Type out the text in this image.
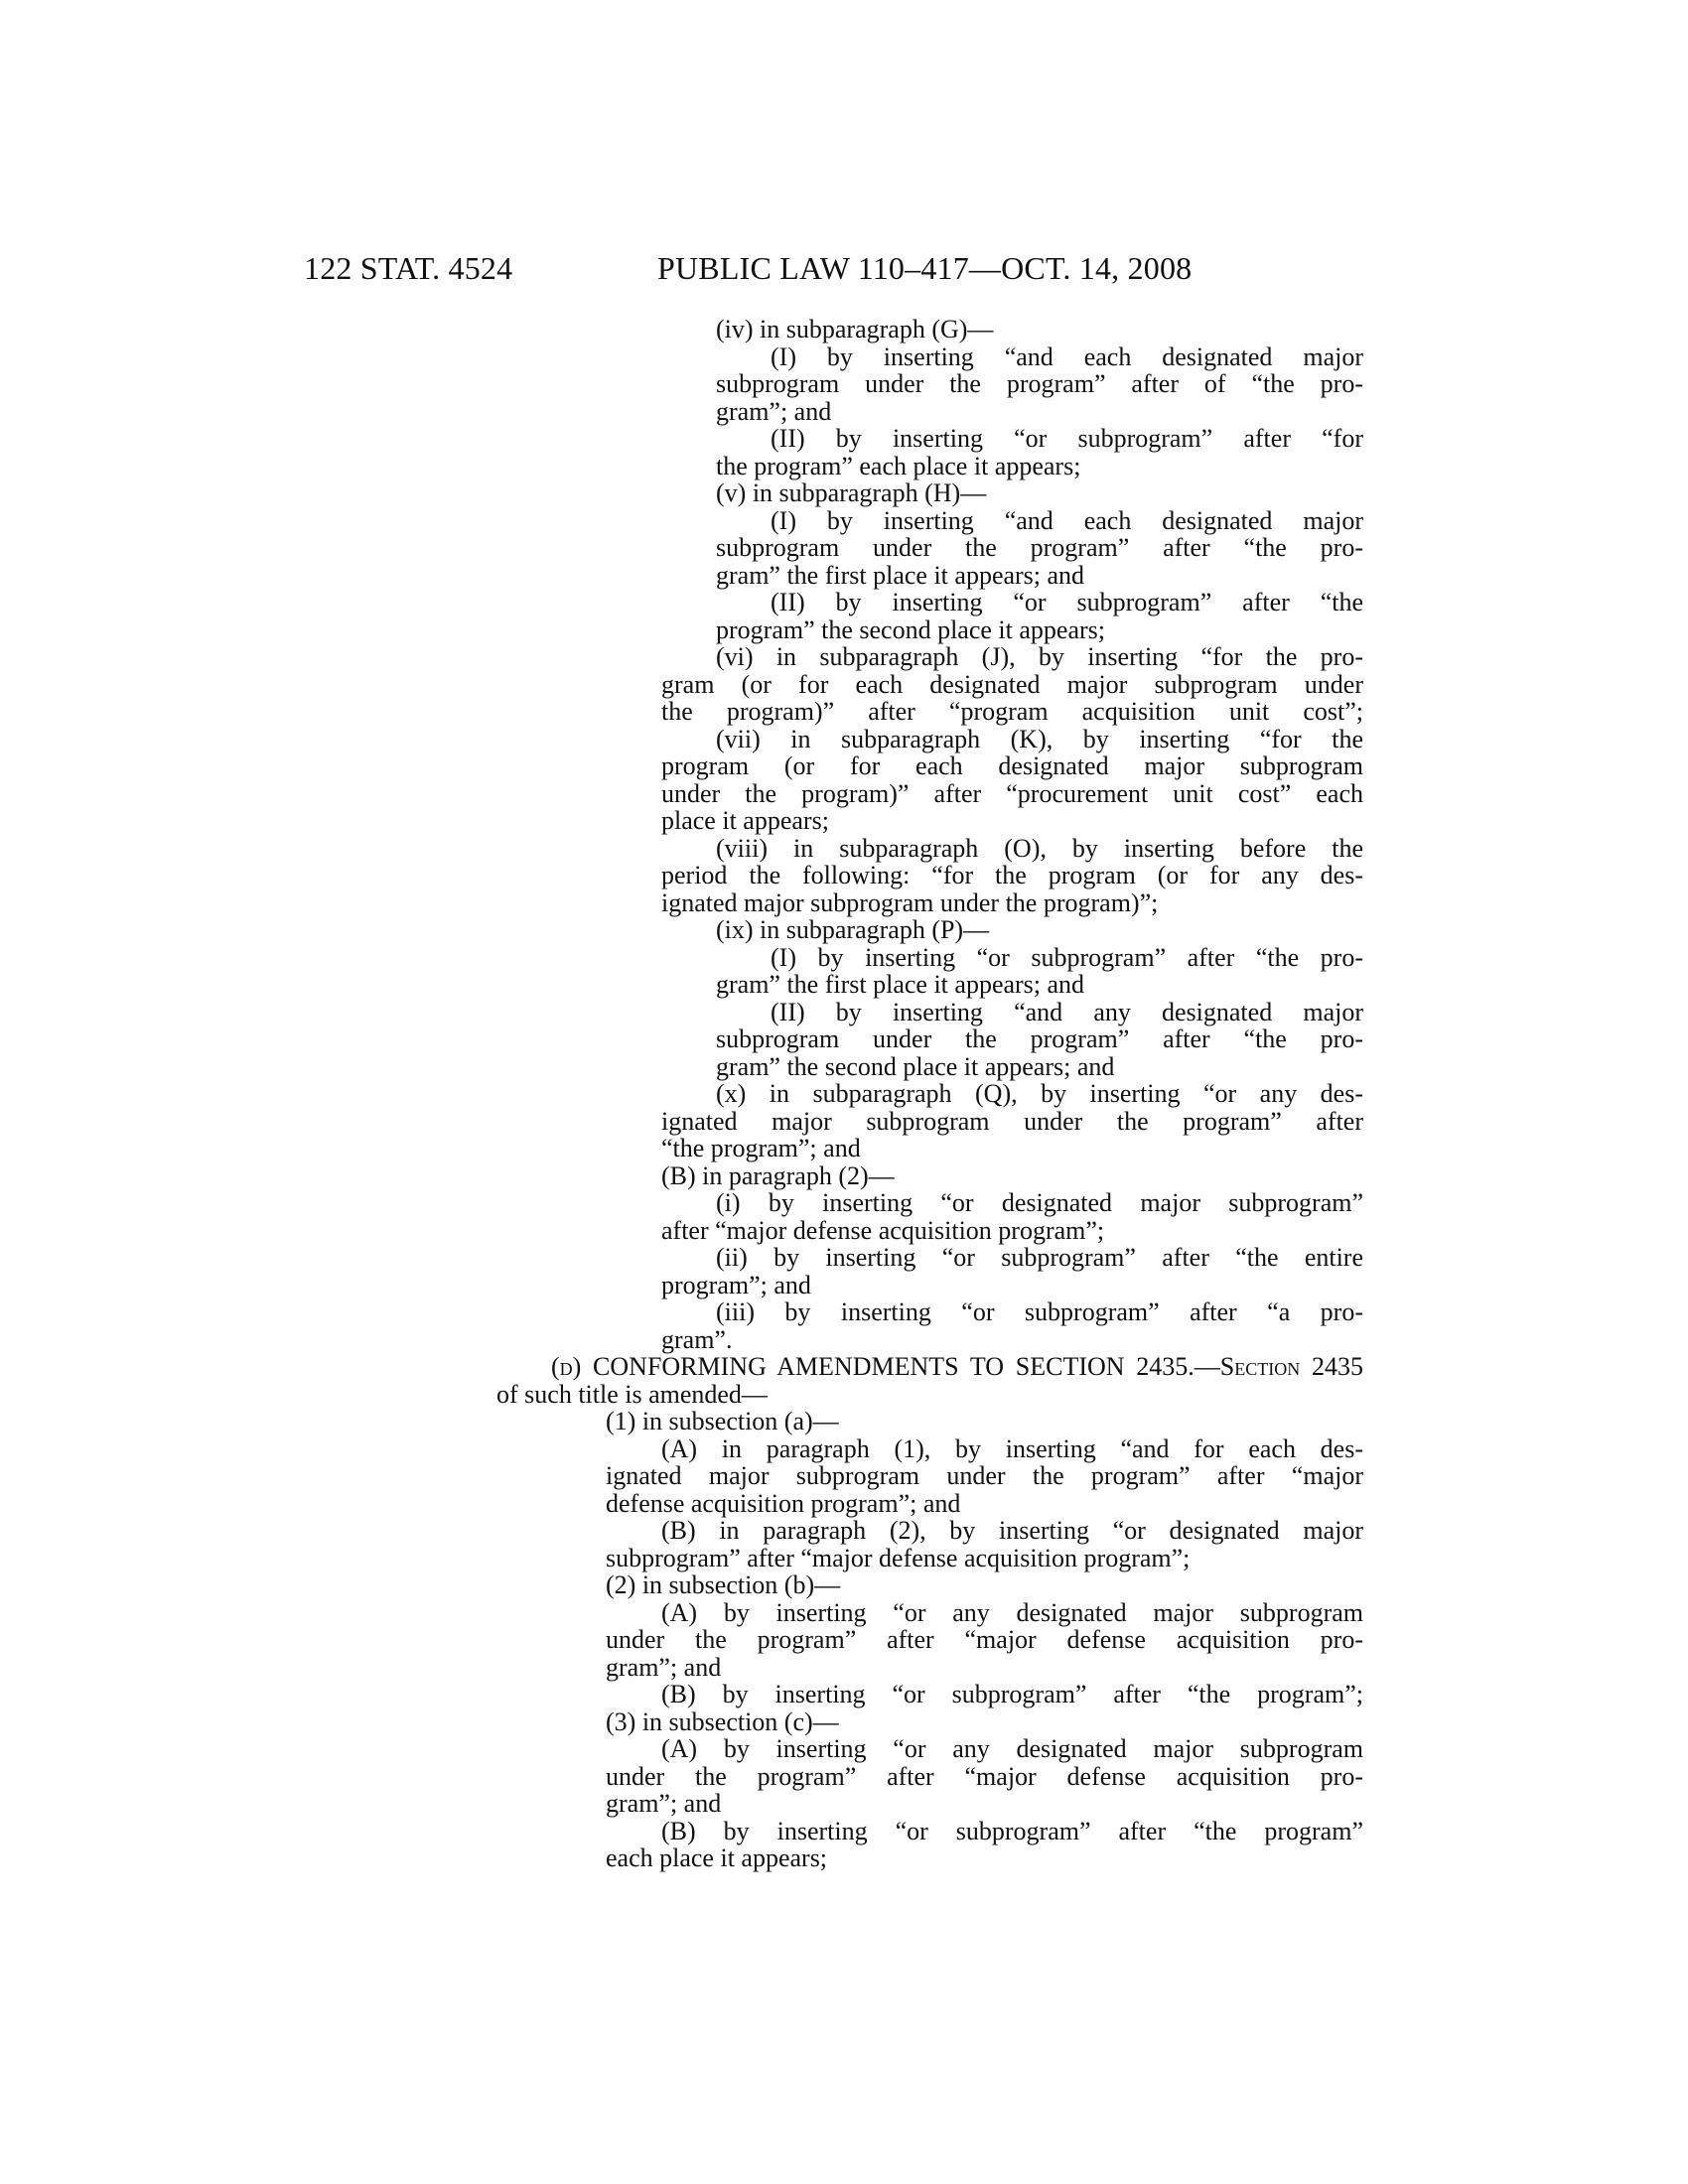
122 STAT. 4524	PUBLIC LAW 110–417—OCT. 14, 2008
(iv) in subparagraph (G)—
(I) by inserting “and each designated major
subprogram under the program” after of “the pro-
gram”; and
(II) by inserting “or subprogram” after “for
the program” each place it appears;
(v) in subparagraph (H)—
(I) by inserting “and each designated major
subprogram under the program” after “the pro-
gram” the first place it appears; and
(II) by inserting “or subprogram” after “the
program” the second place it appears;
(vi) in subparagraph (J), by inserting “for the pro-
gram (or for each designated major subprogram under
the program)” after “program acquisition unit cost”;
(vii) in subparagraph (K), by inserting “for the
program (or for each designated major subprogram
under the program)” after “procurement unit cost” each
place it appears;
(viii) in subparagraph (O), by inserting before the
period the following: “for the program (or for any des-
ignated major subprogram under the program)”;
(ix) in subparagraph (P)—
(I) by inserting “or subprogram” after “the pro-
gram” the first place it appears; and
(II) by inserting “and any designated major
subprogram under the program” after “the pro-
gram” the second place it appears; and
(x) in subparagraph (Q), by inserting “or any des-
ignated major subprogram under the program” after
“the program”; and
(B) in paragraph (2)—
(i) by inserting “or designated major subprogram”
after “major defense acquisition program”;
(ii) by inserting “or subprogram” after “the entire
program”; and
(iii) by inserting “or subprogram” after “a pro-
gram”.
(d) CONFORMING AMENDMENTS TO SECTION 2435.—Section 2435
of such title is amended—
(1) in subsection (a)—
(A) in paragraph (1), by inserting “and for each des-
ignated major subprogram under the program” after “major
defense acquisition program”; and
(B) in paragraph (2), by inserting “or designated major
subprogram” after “major defense acquisition program”;
(2) in subsection (b)—
(A) by inserting “or any designated major subprogram
under the program” after “major defense acquisition pro-
gram”; and
(B) by inserting “or subprogram” after “the program”;
(3) in subsection (c)—
(A) by inserting “or any designated major subprogram
under the program” after “major defense acquisition pro-
gram”; and
(B) by inserting “or subprogram” after “the program”
each place it appears;
